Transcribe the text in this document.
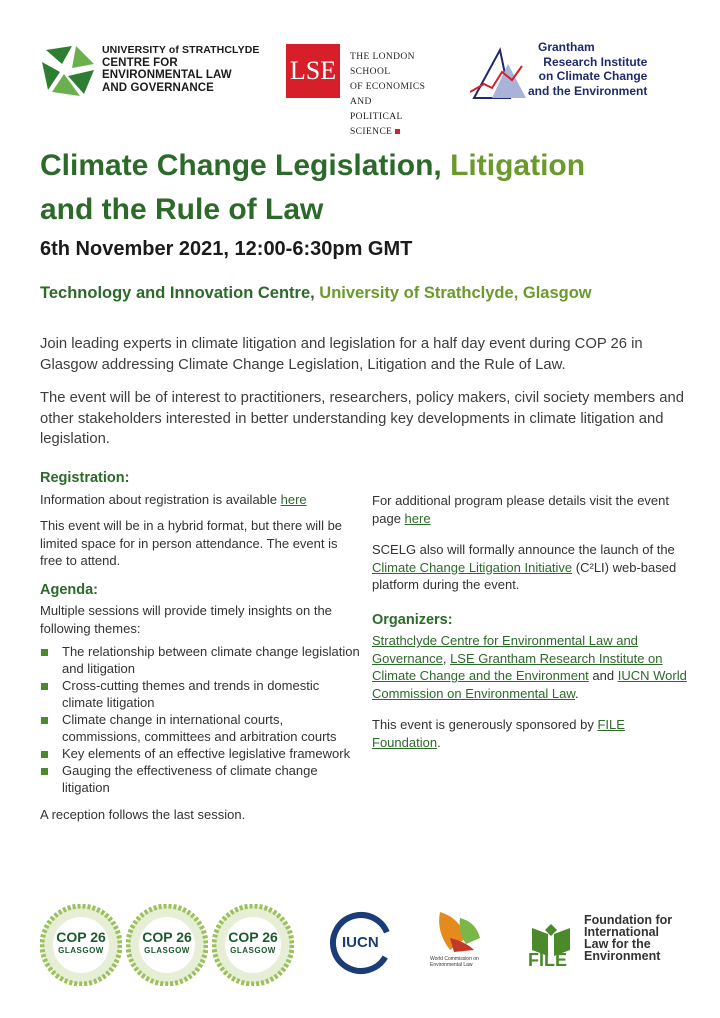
UNIVERSITY of STRATHCLYDE
CENTRE FOR
ENVIRONMENTAL LAW
AND GOVERNANCE
LSE	THE LONDON SCHOOL
OF ECONOMICS AND
POLITICAL SCIENCE
Grantham
Research Institute
on Climate Change
and the Environment
Climate Change Legislation, Litigation
and the Rule of Law
6th November 2021, 12:00-6:30pm GMT
Technology and Innovation Centre, University of Strathclyde, Glasgow

Join leading experts in climate litigation and legislation for a half day event during COP 26 in Glasgow addressing Climate Change Legislation, Litigation and the Rule of Law.

The event will be of interest to practitioners, researchers, policy makers, civil society members and other stakeholders interested in better understanding key developments in climate litigation and legislation.

Registration:

Information about registration is available here

This event will be in a hybrid format, but there will be limited space for in person attendance. The event is free to attend.

Agenda:

Multiple sessions will provide timely insights on the following themes:

The relationship between climate change legislation and litigation
Cross-cutting themes and trends in domestic climate litigation
Climate change in international courts, commissions, committees and arbitration courts
Key elements of an effective legislative framework
Gauging the effectiveness of climate change litigation

A reception follows the last session.

For additional program please details visit the event page here

SCELG also will formally announce the launch of the Climate Change Litigation Initiative (C²LI) web-based platform during the event.

Organizers:

Strathclyde Centre for Environmental Law and Governance, LSE Grantham Research Institute on Climate Change and the Environment and IUCN World Commission on Environmental Law.

This event is generously sponsored by FILE Foundation.

COP 26
GLASGOW
COP 26
GLASGOW
COP 26
GLASGOW	IUCN
World Commission on Environmental Law	FILE
Foundation for
International
Law for the
Environment
